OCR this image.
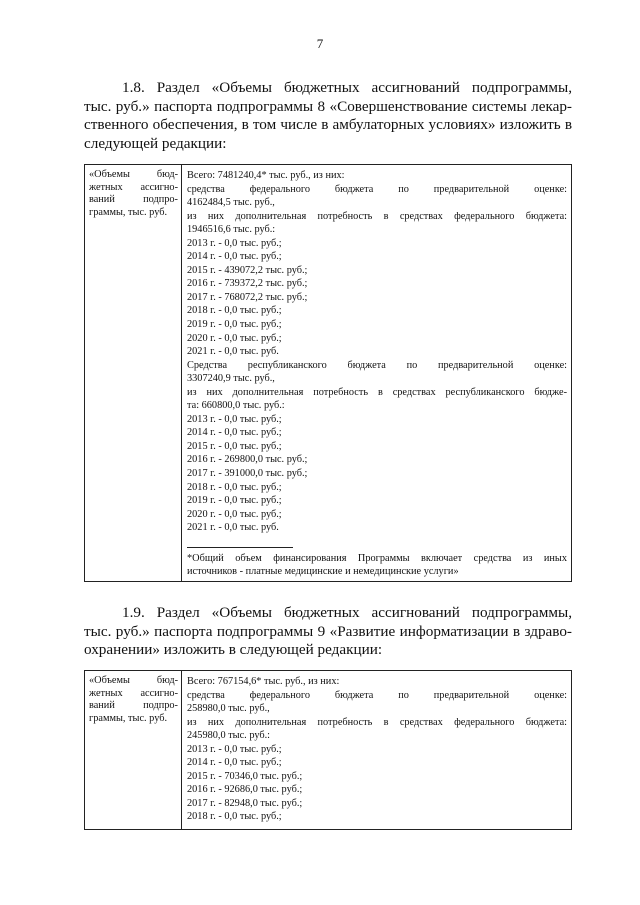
7
1.8. Раздел «Объемы бюджетных ассигнований подпрограммы,
тыс. руб.» паспорта подпрограммы 8 «Совершенствование системы лекар-
ственного обеспечения, в том числе в амбулаторных условиях» изложить в
следующей редакции:
«Объемы бюд-
жетных ассигно-
ваний подпро-
граммы, тыс. руб.
Всего: 7481240,4* тыс. руб., из них:
средства федерального бюджета по предварительной оценке:
4162484,5 тыс. руб.,
из них дополнительная потребность в средствах федерального бюджета:
1946516,6 тыс. руб.:
2013 г. - 0,0 тыс. руб.;
2014 г. - 0,0 тыс. руб.;
2015 г. - 439072,2 тыс. руб.;
2016 г. - 739372,2 тыс. руб.;
2017 г. - 768072,2 тыс. руб.;
2018 г. - 0,0 тыс. руб.;
2019 г. - 0,0 тыс. руб.;
2020 г. - 0,0 тыс. руб.;
2021 г. - 0,0 тыс. руб.
Средства республиканского бюджета по предварительной оценке:
3307240,9 тыс. руб.,
из них дополнительная потребность в средствах республиканского бюдже-
та: 660800,0 тыс. руб.:
2013 г. - 0,0 тыс. руб.;
2014 г. - 0,0 тыс. руб.;
2015 г. - 0,0 тыс. руб.;
2016 г. - 269800,0 тыс. руб.;
2017 г. - 391000,0 тыс. руб.;
2018 г. - 0,0 тыс. руб.;
2019 г. - 0,0 тыс. руб.;
2020 г. - 0,0 тыс. руб.;
2021 г. - 0,0 тыс. руб.
*Общий объем финансирования Программы включает средства из иных
источников - платные медицинские и немедицинские услуги»
1.9. Раздел «Объемы бюджетных ассигнований подпрограммы,
тыс. руб.» паспорта подпрограммы 9 «Развитие информатизации в здраво-
охранении» изложить в следующей редакции:
«Объемы бюд-
жетных ассигно-
ваний подпро-
граммы, тыс. руб.
Всего: 767154,6* тыс. руб., из них:
средства федерального бюджета по предварительной оценке:
258980,0 тыс. руб.,
из них дополнительная потребность в средствах федерального бюджета:
245980,0 тыс. руб.:
2013 г. - 0,0 тыс. руб.;
2014 г. - 0,0 тыс. руб.;
2015 г. - 70346,0 тыс. руб.;
2016 г. - 92686,0 тыс. руб.;
2017 г. - 82948,0 тыс. руб.;
2018 г. - 0,0 тыс. руб.;
